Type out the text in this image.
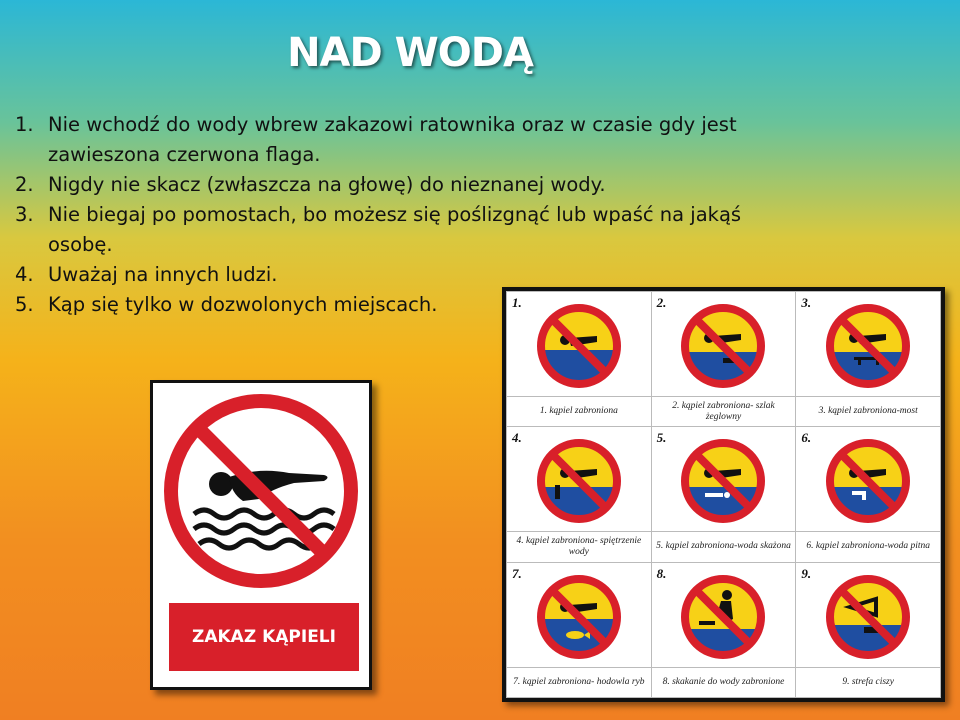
NAD WODĄ
1. Nie wchodź do wody wbrew zakazowi ratownika oraz w czasie gdy jest zawieszona czerwona flaga.
2. Nigdy nie skacz (zwłaszcza na głowę) do nieznanej wody.
3. Nie biegaj po pomostach, bo możesz się poślizgnąć lub wpaść na jakąś osobę.
4. Uważaj na innych ludzi.
5. Kąp się tylko w dozwolonych miejscach.
ZAKAZ KĄPIELI
1.
1. kąpiel zabroniona
2.
2. kąpiel zabroniona- szlak żeglowny
3.
3. kąpiel zabroniona-most
4.
4. kąpiel zabroniona- spiętrzenie wody
5.
5. kąpiel zabroniona-woda skażona
6.
6. kąpiel zabroniona-woda pitna
7.
7. kąpiel zabroniona- hodowla ryb
8.
8. skakanie do wody zabronione
9.
9. strefa ciszy
